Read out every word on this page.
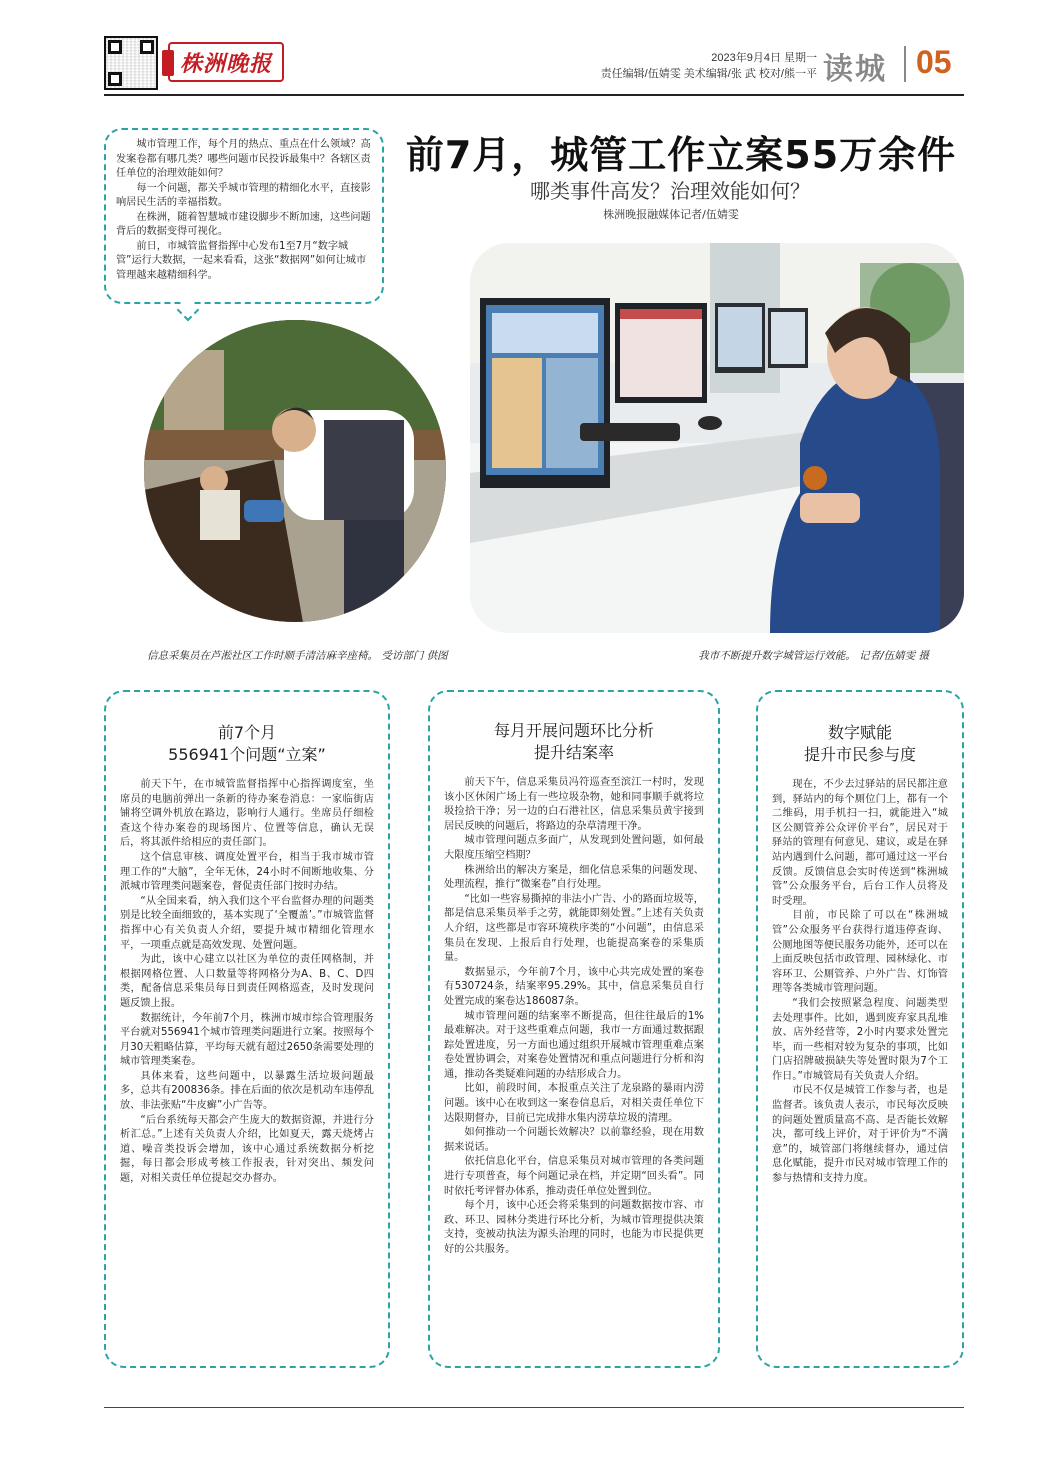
株洲晚报	2023年9月4日 星期一
责任编辑/伍婧雯 美术编辑/张 武 校对/熊一平 读城 05

城市管理工作，每个月的热点、重点在什么领域？高发案卷都有哪几类？哪些问题市民投诉最集中？各辖区责任单位的治理效能如何？

每一个问题，都关乎城市管理的精细化水平，直接影响居民生活的幸福指数。

在株洲，随着智慧城市建设脚步不断加速，这些问题背后的数据变得可视化。

前日，市城管监督指挥中心发布1至7月“数字城管”运行大数据，一起来看看，这张“数据网”如何让城市管理越来越精细科学。

前7月，城管工作立案55万余件
哪类事件高发？治理效能如何？
株洲晚报融媒体记者/伍婧雯
信息采集员在芦淞社区工作时顺手清洁麻辛座椅。 受访部门 供图	我市不断提升数字城管运行效能。 记者/伍婧雯 摄
前7个月
556941个问题“立案”

前天下午，在市城管监督指挥中心指挥调度室，坐席员的电脑前弹出一条新的待办案卷消息：一家临街店铺将空调外机放在路边，影响行人通行。坐席员仔细检查这个待办案卷的现场图片、位置等信息，确认无误后，将其派件给相应的责任部门。

这个信息审核、调度处置平台，相当于我市城市管理工作的“大脑”，全年无休，24小时不间断地收集、分派城市管理类问题案卷，督促责任部门按时办结。

“从全国来看，纳入我们这个平台监督办理的问题类别是比较全面细致的，基本实现了‘全覆盖’。”市城管监督指挥中心有关负责人介绍，要提升城市精细化管理水平，一项重点就是高效发现、处置问题。

为此，该中心建立以社区为单位的责任网格制，并根据网格位置、人口数量等将网格分为A、B、C、D四类，配备信息采集员每日到责任网格巡查，及时发现问题反馈上报。

数据统计，今年前7个月，株洲市城市综合管理服务平台就对556941个城市管理类问题进行立案。按照每个月30天粗略估算，平均每天就有超过2650条需要处理的城市管理类案卷。

具体来看，这些问题中，以暴露生活垃圾问题最多，总共有200836条。排在后面的依次是机动车违停乱放、非法张贴“牛皮癣”小广告等。

“后台系统每天都会产生庞大的数据资源，并进行分析汇总。”上述有关负责人介绍，比如夏天，露天烧烤占道、噪音类投诉会增加，该中心通过系统数据分析挖掘，每日都会形成考核工作报表，针对突出、频发问题，对相关责任单位提起交办督办。

每月开展问题环比分析
提升结案率

前天下午，信息采集员冯符巡查至滨江一村时，发现该小区休闲广场上有一些垃圾杂物，她和同事顺手就将垃圾捡拾干净；另一边的白石港社区，信息采集员黄宇接到居民反映的问题后，将路边的杂草清理干净。

城市管理问题点多面广，从发现到处置问题，如何最大限度压缩空档期？

株洲给出的解决方案是，细化信息采集的问题发现、处理流程，推行“微案卷”自行处理。

“比如一些容易撕掉的非法小广告、小的路面垃圾等，都是信息采集员举手之劳，就能即刻处置。”上述有关负责人介绍，这些都是市容环境秩序类的“小问题”，由信息采集员在发现、上报后自行处理，也能提高案卷的采集质量。

数据显示，今年前7个月，该中心共完成处置的案卷有530724条，结案率95.29%。其中，信息采集员自行处置完成的案卷达186087条。

城市管理问题的结案率不断提高，但往往最后的1%最难解决。对于这些重难点问题，我市一方面通过数据跟踪处置进度，另一方面也通过组织开展城市管理重难点案卷处置协调会，对案卷处置情况和重点问题进行分析和沟通，推动各类疑难问题的办结形成合力。

比如，前段时间，本报重点关注了龙泉路的暴雨内涝问题。该中心在收到这一案卷信息后，对相关责任单位下达限期督办，目前已完成排水集内涝草垃圾的清理。

如何推动一个问题长效解决？以前靠经验，现在用数据来说话。

依托信息化平台，信息采集员对城市管理的各类问题进行专项普查，每个问题记录在档，并定期“回头看”。同时依托考评督办体系，推动责任单位处置到位。

每个月，该中心还会将采集到的问题数据按市容、市政、环卫、园林分类进行环比分析，为城市管理提供决策支持，变被动执法为源头治理的同时，也能为市民提供更好的公共服务。

数字赋能
提升市民参与度

现在，不少去过驿站的居民都注意到，驿站内的每个厕位门上，都有一个二维码，用手机扫一扫，就能进入“城区公厕管养公众评价平台”，居民对于驿站的管理有何意见、建议，或是在驿站内遇到什么问题，都可通过这一平台反馈。反馈信息会实时传送到“株洲城管”公众服务平台，后台工作人员将及时受理。

目前，市民除了可以在“株洲城管”公众服务平台获得行道违停查询、公厕地图等便民服务功能外，还可以在上面反映包括市政管理、园林绿化、市容环卫、公厕管养、户外广告、灯饰管理等各类城市管理问题。

“我们会按照紧急程度、问题类型去处理事件。比如，遇到废弃家具乱堆放、店外经营等，2小时内要求处置完毕，而一些相对较为复杂的事项，比如门店招牌破损缺失等处置时限为7个工作日。”市城管局有关负责人介绍。

市民不仅是城管工作参与者，也是监督者。该负责人表示，市民每次反映的问题处置质量高不高、是否能长效解决，都可线上评价，对于评价为“不满意”的，城管部门将继续督办，通过信息化赋能，提升市民对城市管理工作的参与热情和支持力度。
